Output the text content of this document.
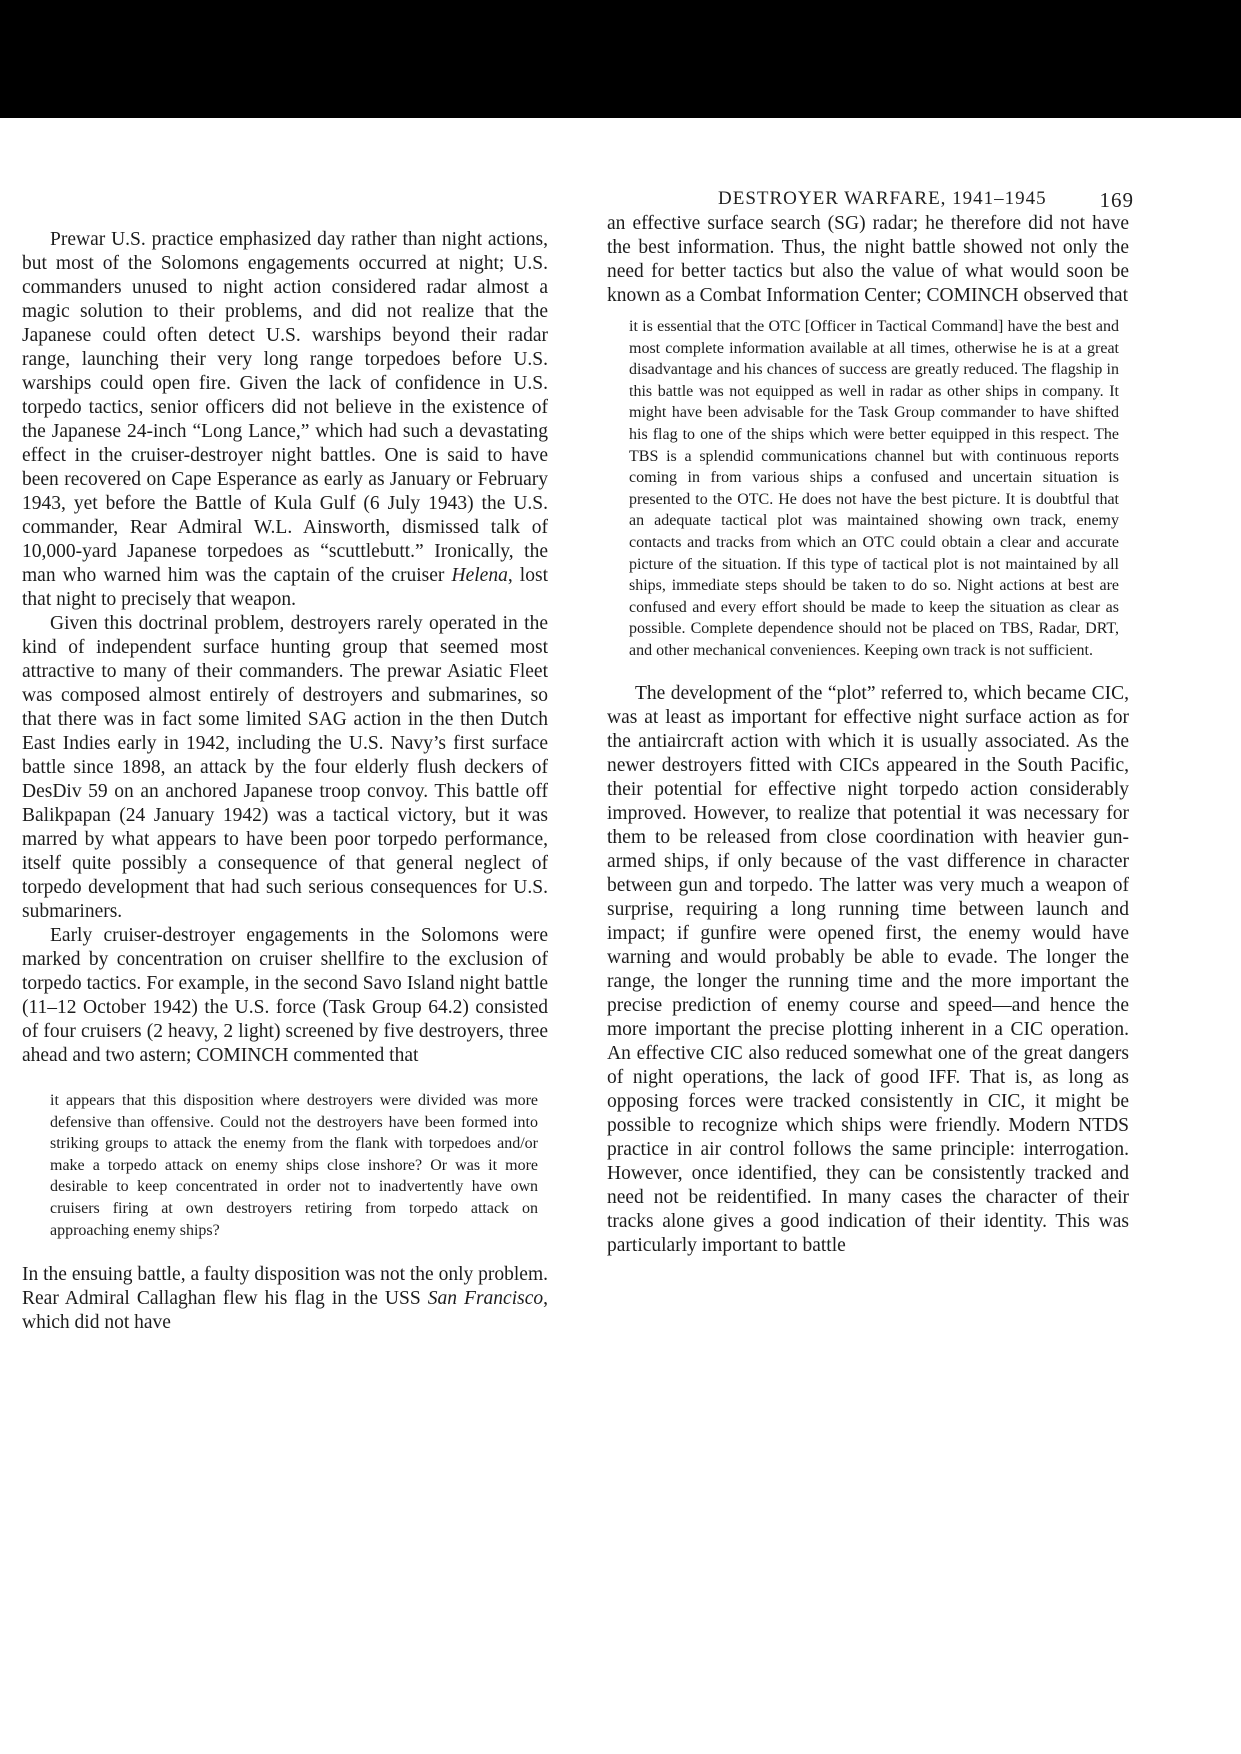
DESTROYER WARFARE, 1941–1945	169

Prewar U.S. practice emphasized day rather than night actions, but most of the Solomons engagements occurred at night; U.S. commanders unused to night action considered radar almost a magic solution to their problems, and did not realize that the Japanese could often detect U.S. warships beyond their radar range, launching their very long range torpedoes before U.S. warships could open fire. Given the lack of confidence in U.S. torpedo tactics, senior officers did not believe in the existence of the Japanese 24-inch “Long Lance,” which had such a devastating effect in the cruiser-destroyer night battles. One is said to have been recovered on Cape Esperance as early as January or February 1943, yet before the Battle of Kula Gulf (6 July 1943) the U.S. commander, Rear Admiral W.L. Ainsworth, dismissed talk of 10,000-yard Japanese torpedoes as “scuttlebutt.” Ironically, the man who warned him was the captain of the cruiser Helena, lost that night to precisely that weapon.

Given this doctrinal problem, destroyers rarely operated in the kind of independent surface hunting group that seemed most attractive to many of their commanders. The prewar Asiatic Fleet was composed almost entirely of destroyers and submarines, so that there was in fact some limited SAG action in the then Dutch East Indies early in 1942, including the U.S. Navy’s first surface battle since 1898, an attack by the four elderly flush deckers of DesDiv 59 on an anchored Japanese troop convoy. This battle off Balikpapan (24 January 1942) was a tactical victory, but it was marred by what appears to have been poor torpedo performance, itself quite possibly a consequence of that general neglect of torpedo development that had such serious consequences for U.S. submariners.

Early cruiser-destroyer engagements in the Solomons were marked by concentration on cruiser shellfire to the exclusion of torpedo tactics. For example, in the second Savo Island night battle (11–12 October 1942) the U.S. force (Task Group 64.2) consisted of four cruisers (2 heavy, 2 light) screened by five destroyers, three ahead and two astern; COMINCH commented that

it appears that this disposition where destroyers were divided was more defensive than offensive. Could not the destroyers have been formed into striking groups to attack the enemy from the flank with torpedoes and/or make a torpedo attack on enemy ships close inshore? Or was it more desirable to keep concentrated in order not to inadvertently have own cruisers firing at own destroyers retiring from torpedo attack on approaching enemy ships?

In the ensuing battle, a faulty disposition was not the only problem. Rear Admiral Callaghan flew his flag in the USS San Francisco, which did not have

an effective surface search (SG) radar; he therefore did not have the best information. Thus, the night battle showed not only the need for better tactics but also the value of what would soon be known as a Combat Information Center; COMINCH observed that

it is essential that the OTC [Officer in Tactical Command] have the best and most complete information available at all times, otherwise he is at a great disadvantage and his chances of success are greatly reduced. The flagship in this battle was not equipped as well in radar as other ships in company. It might have been advisable for the Task Group commander to have shifted his flag to one of the ships which were better equipped in this respect. The TBS is a splendid communications channel but with continuous reports coming in from various ships a confused and uncertain situation is presented to the OTC. He does not have the best picture. It is doubtful that an adequate tactical plot was maintained showing own track, enemy contacts and tracks from which an OTC could obtain a clear and accurate picture of the situation. If this type of tactical plot is not maintained by all ships, immediate steps should be taken to do so. Night actions at best are confused and every effort should be made to keep the situation as clear as possible. Complete dependence should not be placed on TBS, Radar, DRT, and other mechanical conveniences. Keeping own track is not sufficient.

The development of the “plot” referred to, which became CIC, was at least as important for effective night surface action as for the antiaircraft action with which it is usually associated. As the newer destroyers fitted with CICs appeared in the South Pacific, their potential for effective night torpedo action considerably improved. However, to realize that potential it was necessary for them to be released from close coordination with heavier gun-armed ships, if only because of the vast difference in character between gun and torpedo. The latter was very much a weapon of surprise, requiring a long running time between launch and impact; if gunfire were opened first, the enemy would have warning and would probably be able to evade. The longer the range, the longer the running time and the more important the precise prediction of enemy course and speed—and hence the more important the precise plotting inherent in a CIC operation. An effective CIC also reduced somewhat one of the great dangers of night operations, the lack of good IFF. That is, as long as opposing forces were tracked consistently in CIC, it might be possible to recognize which ships were friendly. Modern NTDS practice in air control follows the same principle: interrogation. However, once identified, they can be consistently tracked and need not be reidentified. In many cases the character of their tracks alone gives a good indication of their identity. This was particularly important to battle
